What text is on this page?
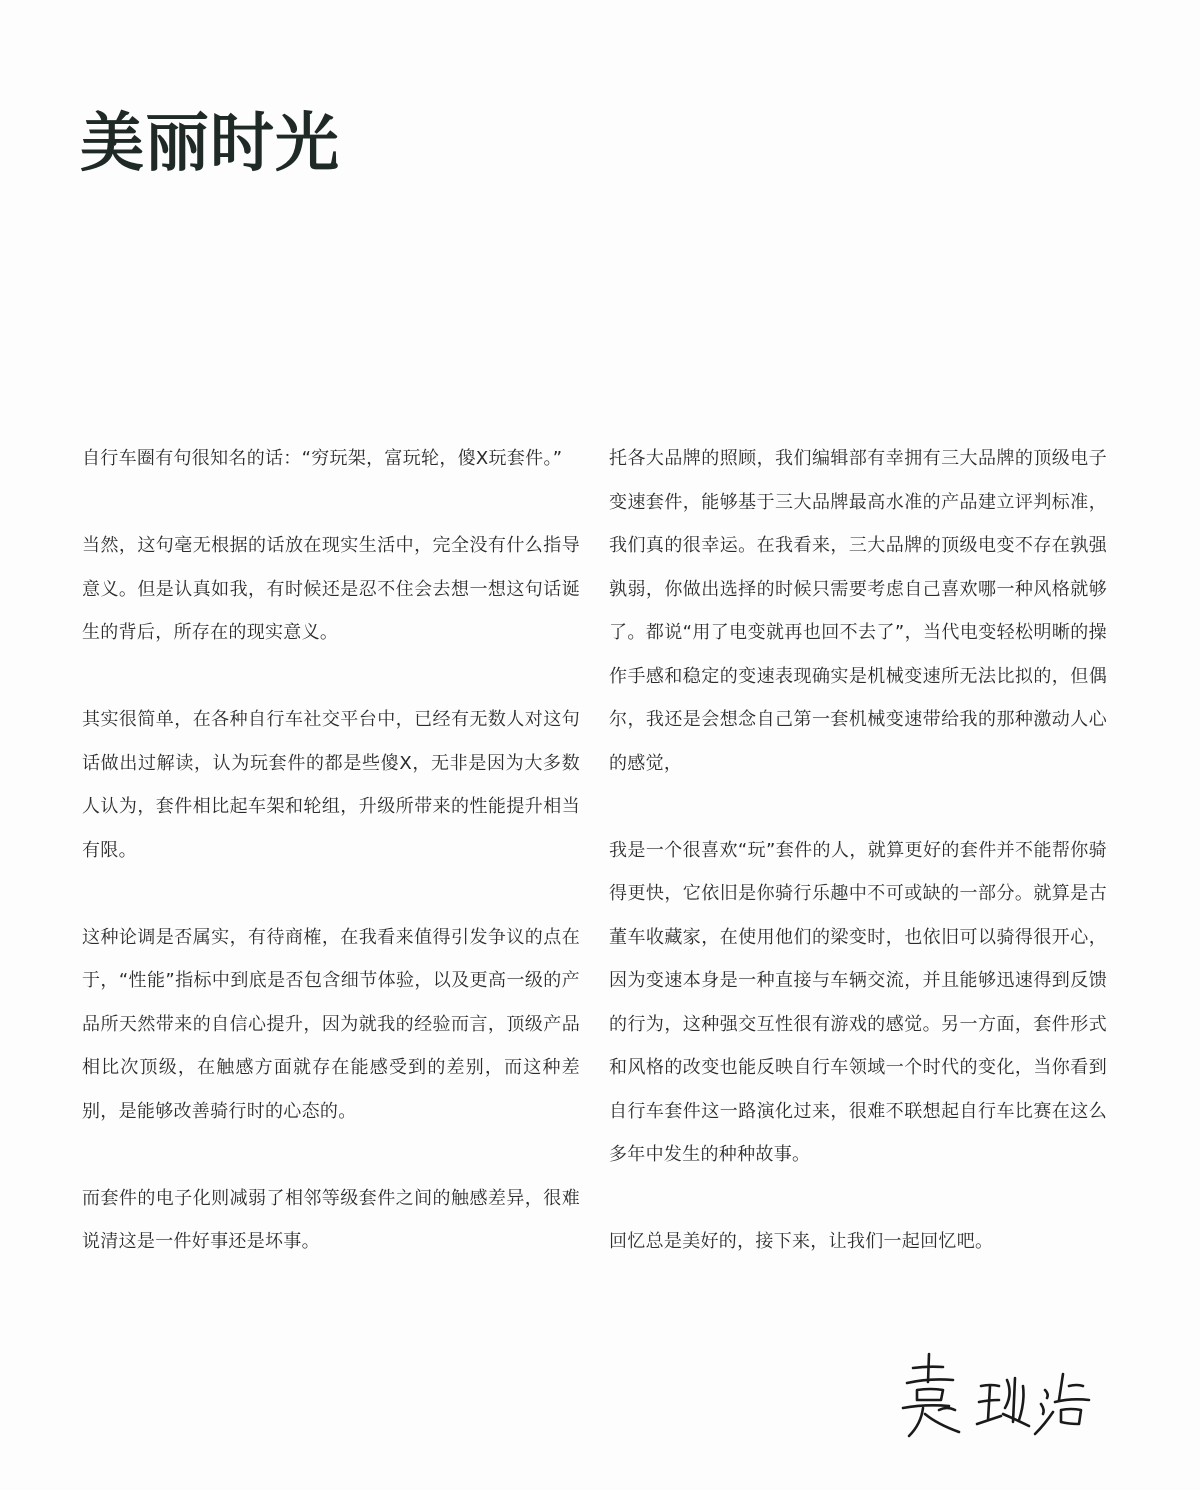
美丽时光

自行车圈有句很知名的话：“穷玩架，富玩轮，傻X玩套件。”

当然，这句毫无根据的话放在现实生活中，完全没有什么指导意义。但是认真如我，有时候还是忍不住会去想一想这句话诞生的背后，所存在的现实意义。

其实很简单，在各种自行车社交平台中，已经有无数人对这句话做出过解读，认为玩套件的都是些傻X，无非是因为大多数人认为，套件相比起车架和轮组，升级所带来的性能提升相当有限。

这种论调是否属实，有待商榷，在我看来值得引发争议的点在于，“性能”指标中到底是否包含细节体验，以及更高一级的产品所天然带来的自信心提升，因为就我的经验而言，顶级产品相比次顶级，在触感方面就存在能感受到的差别，而这种差别，是能够改善骑行时的心态的。

而套件的电子化则减弱了相邻等级套件之间的触感差异，很难说清这是一件好事还是坏事。

托各大品牌的照顾，我们编辑部有幸拥有三大品牌的顶级电子变速套件，能够基于三大品牌最高水准的产品建立评判标准，我们真的很幸运。在我看来，三大品牌的顶级电变不存在孰强孰弱，你做出选择的时候只需要考虑自己喜欢哪一种风格就够了。都说“用了电变就再也回不去了”，当代电变轻松明晰的操作手感和稳定的变速表现确实是机械变速所无法比拟的，但偶尔，我还是会想念自己第一套机械变速带给我的那种激动人心的感觉，

我是一个很喜欢“玩”套件的人，就算更好的套件并不能帮你骑得更快，它依旧是你骑行乐趣中不可或缺的一部分。就算是古董车收藏家，在使用他们的梁变时，也依旧可以骑得很开心，因为变速本身是一种直接与车辆交流，并且能够迅速得到反馈的行为，这种强交互性很有游戏的感觉。另一方面，套件形式和风格的改变也能反映自行车领域一个时代的变化，当你看到自行车套件这一路演化过来，很难不联想起自行车比赛在这么多年中发生的种种故事。

回忆总是美好的，接下来，让我们一起回忆吧。
